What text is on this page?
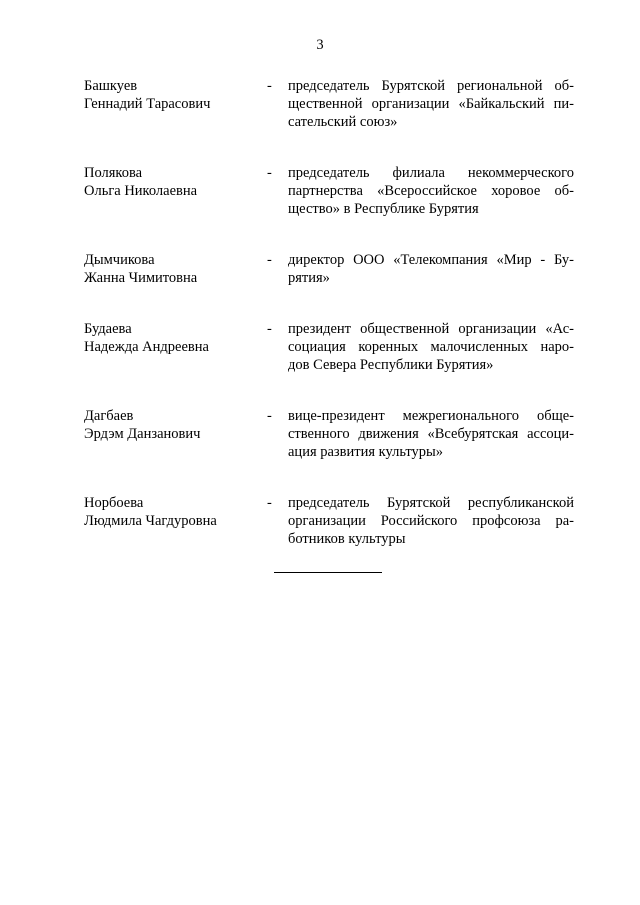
3
Башкуев
Геннадий Тарасович
-	председатель Бурятской региональной об-
щественной организации «Байкальский пи-
сательский союз»
Полякова
Ольга Николаевна
-	председатель филиала некоммерческого
партнерства «Всероссийское хоровое об-
щество» в Республике Бурятия
Дымчикова
Жанна Чимитовна
-	директор ООО «Телекомпания «Мир - Бу-
рятия»
Будаева
Надежда Андреевна
-	президент общественной организации «Ас-
социация коренных малочисленных наро-
дов Севера Республики Бурятия»
Дагбаев
Эрдэм Данзанович
-	вице-президент межрегионального обще-
ственного движения «Всебурятская ассоци-
ация развития культуры»
Норбоева
Людмила Чагдуровна
-	председатель Бурятской республиканской
организации Российского профсоюза ра-
ботников культуры
